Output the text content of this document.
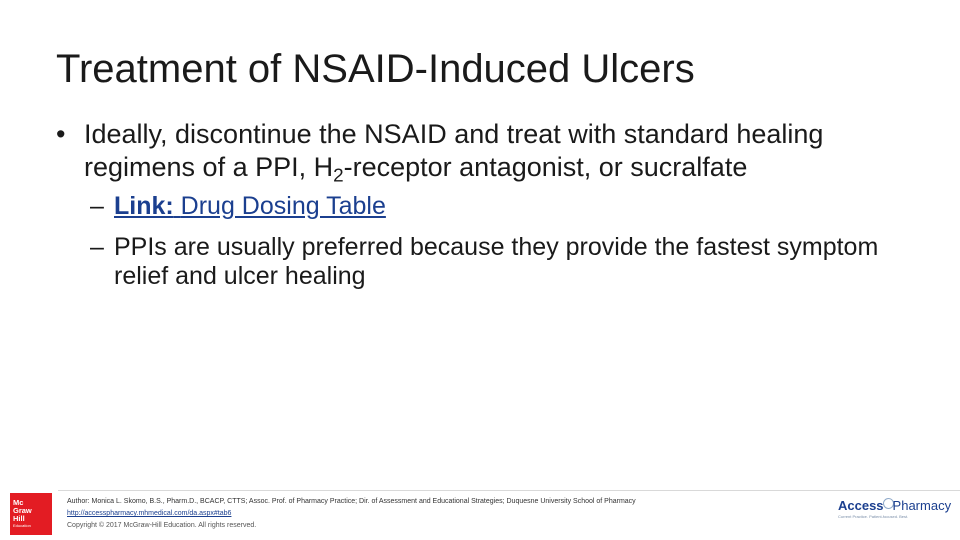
Treatment of NSAID-Induced Ulcers
• Ideally, discontinue the NSAID and treat with standard healing regimens of a PPI, $H_2$-receptor antagonist, or sucralfate
– Link: Drug Dosing Table
– PPIs are usually preferred because they provide the fastest symptom relief and ulcer healing
Mc
Graw
Hill
Education
Author: Monica L. Skomo, B.S., Pharm.D., BCACP, CTTS; Assoc. Prof. of Pharmacy Practice; Dir. of Assessment and Educational Strategies; Duquesne University School of Pharmacy
http://accesspharmacy.mhmedical.com/da.aspx#tab6
Copyright © 2017 McGraw-Hill Education. All rights reserved.
Access Pharmacy
Current Practice. Patient-focused. Best.
